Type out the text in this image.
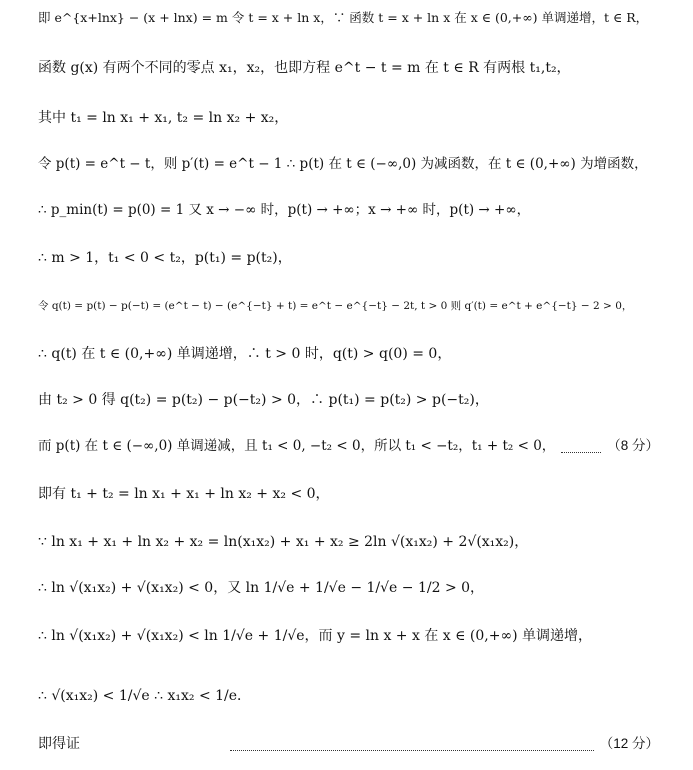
即 e^{x+lnx} − (x + lnx) = m 令 t = x + ln x，∵ 函数 t = x + ln x 在 x ∈ (0,+∞) 单调递增，t ∈ R，
函数 g(x) 有两个不同的零点 x₁，x₂，也即方程 e^t − t = m 在 t ∈ R 有两根 t₁,t₂，
其中 t₁ = ln x₁ + x₁, t₂ = ln x₂ + x₂，
令 p(t) = e^t − t，则 p′(t) = e^t − 1 ∴ p(t) 在 t ∈ (−∞,0) 为减函数，在 t ∈ (0,+∞) 为增函数，
∴ p_min(t) = p(0) = 1 又 x → −∞ 时，p(t) → +∞；x → +∞ 时，p(t) → +∞，
∴ m > 1，t₁ < 0 < t₂，p(t₁) = p(t₂)，
令 q(t) = p(t) − p(−t) = (e^t − t) − (e^{−t} + t) = e^t − e^{−t} − 2t, t > 0 则 q′(t) = e^t + e^{−t} − 2 > 0，
∴ q(t) 在 t ∈ (0,+∞) 单调递增，∴ t > 0 时，q(t) > q(0) = 0，
由 t₂ > 0 得 q(t₂) = p(t₂) − p(−t₂) > 0，∴ p(t₁) = p(t₂) > p(−t₂)，
而 p(t) 在 t ∈ (−∞,0) 单调递减，且 t₁ < 0, −t₂ < 0，所以 t₁ < −t₂，t₁ + t₂ < 0，	（8 分）
即有 t₁ + t₂ = ln x₁ + x₁ + ln x₂ + x₂ < 0，
∵ ln x₁ + x₁ + ln x₂ + x₂ = ln(x₁x₂) + x₁ + x₂ ≥ 2ln √(x₁x₂) + 2√(x₁x₂)，
∴ ln √(x₁x₂) + √(x₁x₂) < 0，又 ln 1/√e + 1/√e − 1/√e − 1/2 > 0，
∴ ln √(x₁x₂) + √(x₁x₂) < ln 1/√e + 1/√e，而 y = ln x + x 在 x ∈ (0,+∞) 单调递增，
∴ √(x₁x₂) < 1/√e ∴ x₁x₂ < 1/e．
即得证	（12 分）
